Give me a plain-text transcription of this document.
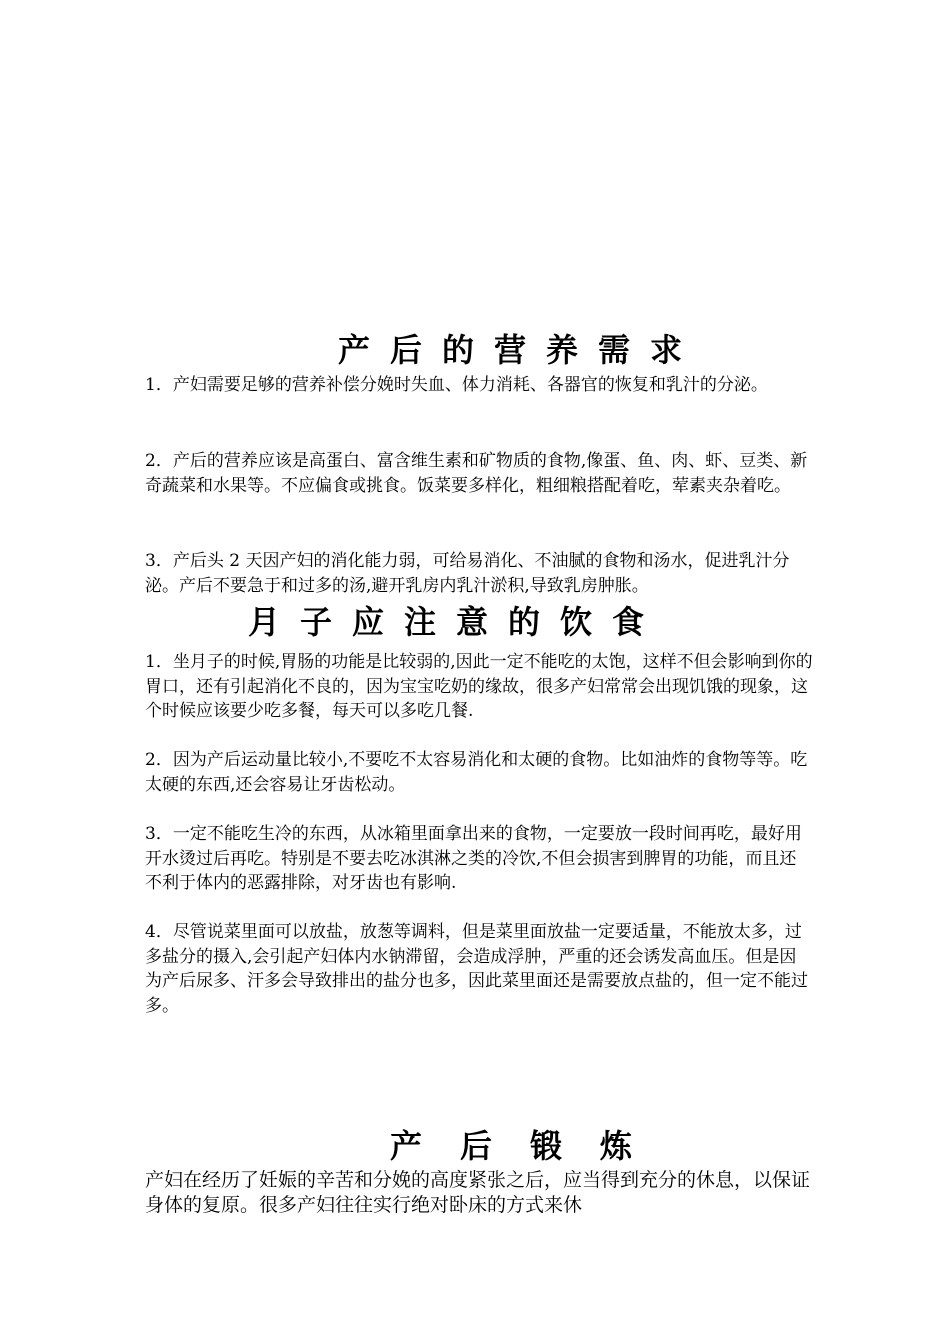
产后的营养需求
1．产妇需要足够的营养补偿分娩时失血、体力消耗、各器官的恢复和乳汁的分泌。
2．产后的营养应该是高蛋白、富含维生素和矿物质的食物,像蛋、鱼、肉、虾、豆类、新奇蔬菜和水果等。不应偏食或挑食。饭菜要多样化，粗细粮搭配着吃，荤素夹杂着吃。
3．产后头 2 天因产妇的消化能力弱，可给易消化、不油腻的食物和汤水，促进乳汁分泌。产后不要急于和过多的汤,避开乳房内乳汁淤积,导致乳房肿胀。
月子应注意的饮食
1．坐月子的时候,胃肠的功能是比较弱的,因此一定不能吃的太饱，这样不但会影响到你的胃口，还有引起消化不良的，因为宝宝吃奶的缘故，很多产妇常常会出现饥饿的现象，这个时候应该要少吃多餐，每天可以多吃几餐.
2．因为产后运动量比较小,不要吃不太容易消化和太硬的食物。比如油炸的食物等等。吃太硬的东西,还会容易让牙齿松动。
3．一定不能吃生冷的东西，从冰箱里面拿出来的食物，一定要放一段时间再吃，最好用开水烫过后再吃。特别是不要去吃冰淇淋之类的冷饮,不但会损害到脾胃的功能，而且还不利于体内的恶露排除，对牙齿也有影响.
4．尽管说菜里面可以放盐，放葱等调料，但是菜里面放盐一定要适量，不能放太多，过多盐分的摄入,会引起产妇体内水钠滞留，会造成浮肿，严重的还会诱发高血压。但是因为产后尿多、汗多会导致排出的盐分也多，因此菜里面还是需要放点盐的，但一定不能过多。
产后锻炼
产妇在经历了妊娠的辛苦和分娩的高度紧张之后，应当得到充分的休息，以保证身体的复原。很多产妇往往实行绝对卧床的方式来休
